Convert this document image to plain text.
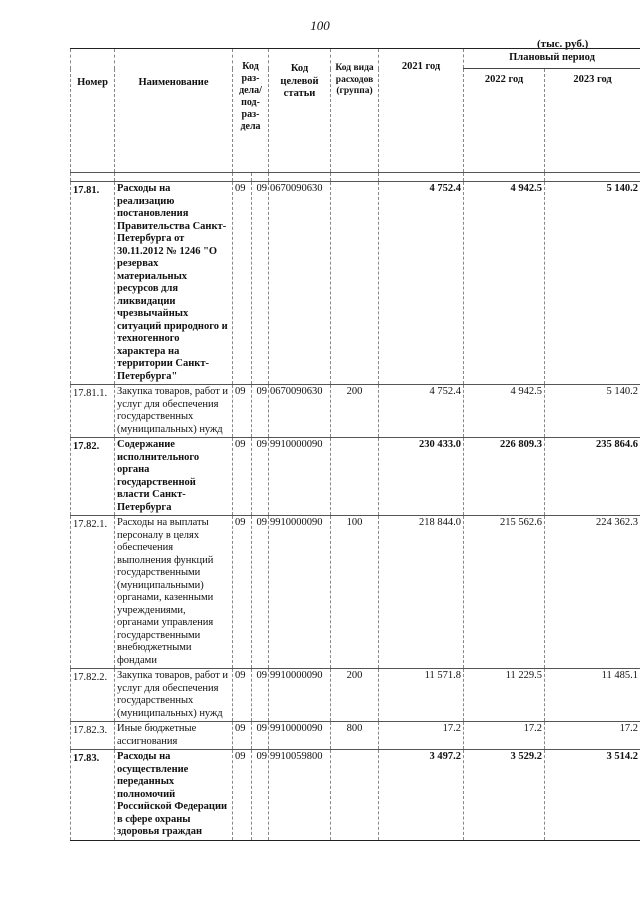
100
(тыс. руб.)
Номер	Наименование	Код раз-дела/ под-раз-дела		Код целевой статьи	Код вида расходов (группа)	2021 год	Плановый период	
							2022 год	2023 год

17.81.	Расходы на реализацию постановления Правительства Санкт-Петербурга от 30.11.2012 № 1246 "О резервах материальных ресурсов для ликвидации чрезвычайных ситуаций природного и техногенного характера на территории Санкт-Петербурга"	09	09	0670090630		4 752.4	4 942.5	5 140.2
17.81.1.	Закупка товаров, работ и услуг для обеспечения государственных (муниципальных) нужд	09	09	0670090630	200	4 752.4	4 942.5	5 140.2
17.82.	Содержание исполнительного органа государственной власти Санкт-Петербурга	09	09	9910000090		230 433.0	226 809.3	235 864.6
17.82.1.	Расходы на выплаты персоналу в целях обеспечения выполнения функций государственными (муниципальными) органами, казенными учреждениями, органами управления государственными внебюджетными фондами	09	09	9910000090	100	218 844.0	215 562.6	224 362.3
17.82.2.	Закупка товаров, работ и услуг для обеспечения государственных (муниципальных) нужд	09	09	9910000090	200	11 571.8	11 229.5	11 485.1
17.82.3.	Иные бюджетные ассигнования	09	09	9910000090	800	17.2	17.2	17.2
17.83.	Расходы на осуществление переданных полномочий Российской Федерации в сфере охраны здоровья граждан	09	09	9910059800		3 497.2	3 529.2	3 514.2
